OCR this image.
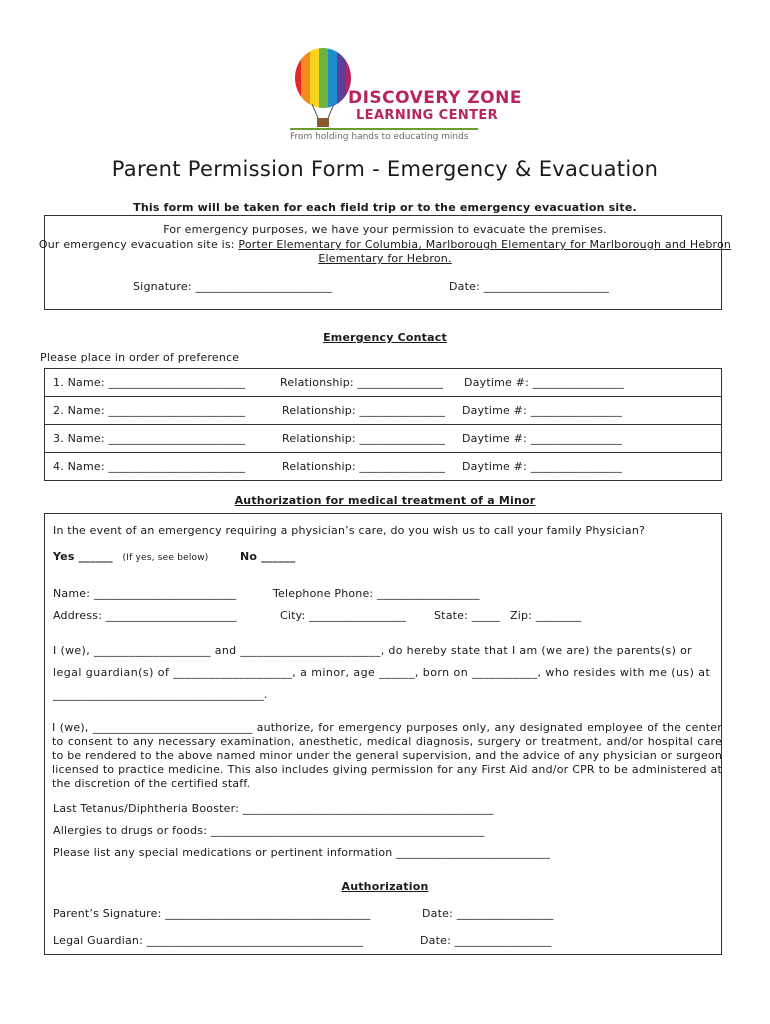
DISCOVERY ZONE
LEARNING CENTER
From holding hands to educating minds
Parent Permission Form - Emergency & Evacuation
This form will be taken for each field trip or to the emergency evacuation site.
For emergency purposes, we have your permission to evacuate the premises.
Our emergency evacuation site is: Porter Elementary for Columbia, Marlborough Elementary for Marlborough and Hebron
Elementary for Hebron.
Signature: ________________________	Date: ______________________
Emergency Contact
Please place in order of preference
1. Name: ________________________	Relationship: _______________ Daytime #: ________________
2. Name: ________________________	Relationship: _______________ Daytime #: ________________
3. Name: ________________________	Relationship: _______________ Daytime #: ________________
4. Name: ________________________	Relationship: _______________ Daytime #: ________________
Authorization for medical treatment of a Minor
In the event of an emergency requiring a physician’s care, do you wish us to call your family Physician?
Yes ______ (If yes, see below)	No ______
Name: _________________________	Telephone Phone: __________________
Address: _______________________	City: _________________	State: _____ Zip: ________
I (we), ____________________ and ________________________, do hereby state that I am (we are) the parents(s) or
legal guardian(s) of ____________________, a minor, age ______, born on ___________, who resides with me (us) at
_____________________________________.
I (we), ____________________________ authorize, for emergency purposes only, any designated employee of the center to consent to any necessary examination, anesthetic, medical diagnosis, surgery or treatment, and/or hospital care to be rendered to the above named minor under the general supervision, and the advice of any physician or surgeon licensed to practice medicine. This also includes giving permission for any First Aid and/or CPR to be administered at the discretion of the certified staff.
Last Tetanus/Diphtheria Booster: ____________________________________________
Allergies to drugs or foods: ________________________________________________
Please list any special medications or pertinent information ___________________________
Authorization
Parent’s Signature: ____________________________________	Date: _________________
Legal Guardian: ______________________________________	Date: _________________
